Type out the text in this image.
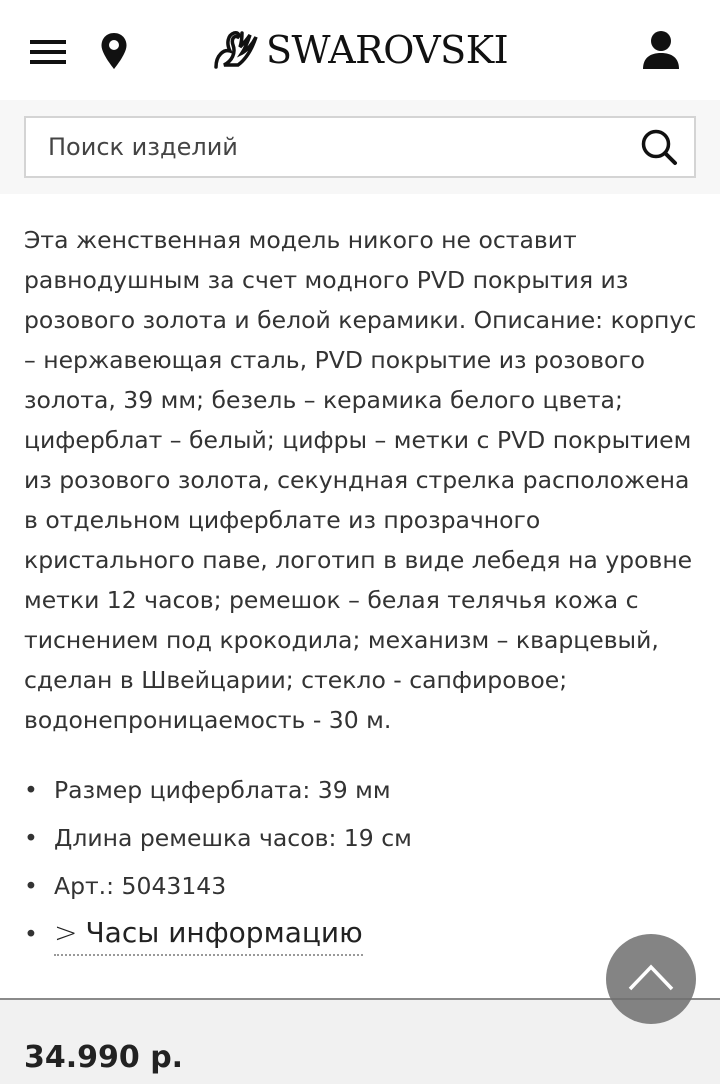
SWAROVSKI
Поиск изделий

Эта женственная модель никого не оставит равнодушным за счет модного PVD покрытия из розового золота и белой керамики. Описание: корпус – нержавеющая сталь, PVD покрытие из розового золота, 39 мм; безель – керамика белого цвета; циферблат – белый; цифры – метки с PVD покрытием из розового золота, секундная стрелка расположена в отдельном циферблате из прозрачного кристального паве, логотип в виде лебедя на уровне метки 12 часов; ремешок – белая телячья кожа с тиснением под крокодила; механизм – кварцевый, сделан в Швейцарии; стекло - сапфировое; водонепроницаемость - 30 м.

• Размер циферблата: 39 мм
• Длина ремешка часов: 19 см
• Арт.: 5043143
• > Часы информацию
34.990 р.
